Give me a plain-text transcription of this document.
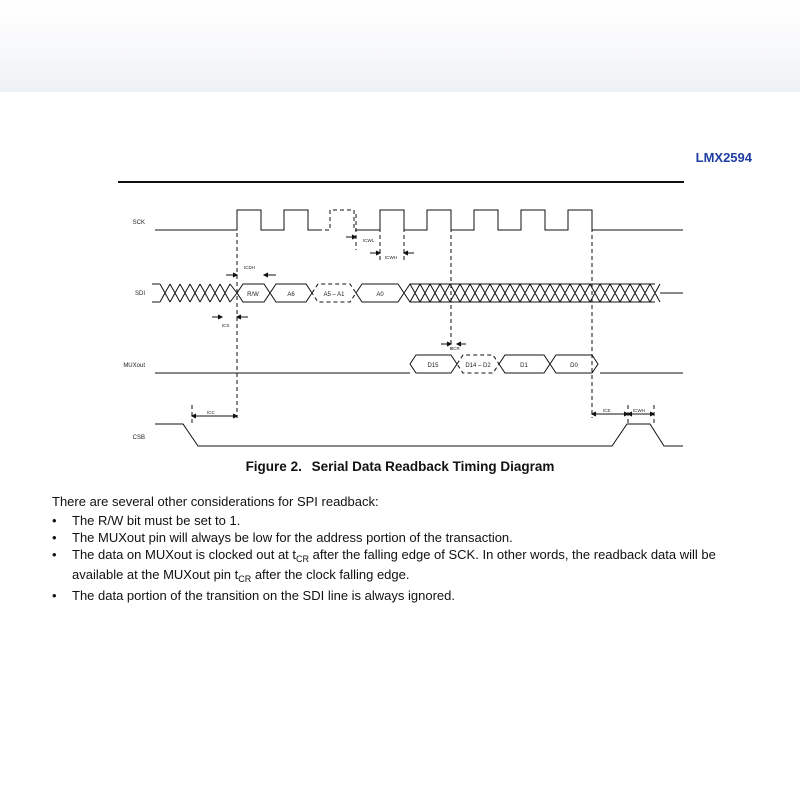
LMX2594
SCK
SDI
MUXout
CSB
R/W	A6	A5 – A1	A0
D15	D14 – D2	D1	D0
tCWL
tCWH
tCDH
tCS
tCR
tCC	tCE	tCWH
Figure 2. Serial Data Readback Timing Diagram

There are several other considerations for SPI readback:

• The R/W bit must be set to 1.
• The MUXout pin will always be low for the address portion of the transaction.
• The data on MUXout is clocked out at $t_{CR}$ after the falling edge of SCK. In other words, the readback data will be available at the MUXout pin $t_{CR}$ after the clock falling edge.
• The data portion of the transition on the SDI line is always ignored.
